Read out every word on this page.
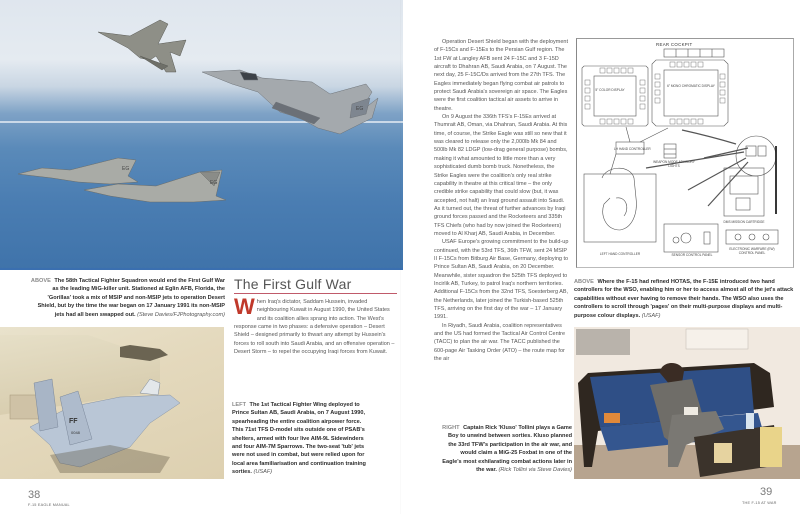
EG
EG
EG
ABOVE The 58th Tactical Fighter Squadron would end the First Gulf War as the leading MiG-killer unit. Stationed at Eglin AFB, Florida, the 'Gorillas' took a mix of MSIP and non-MSIP jets to operation Desert Shield, but by the time the war began on 17 January 1991 its non-MSIP jets had all been swapped out. (Steve Davies/FJPhotography.com)
FF
0048
The First Gulf War

W hen Iraq's dictator, Saddam Hussein, invaded neighbouring Kuwait in August 1990, the United States and its coalition allies sprang into action. The West's response came in two phases: a defensive operation – Desert Shield – designed primarily to thwart any attempt by Hussein's forces to roll south into Saudi Arabia, and an offensive operation – Desert Storm – to repel the occupying Iraqi forces from Kuwait.

LEFT The 1st Tactical Fighter Wing deployed to Prince Sultan AB, Saudi Arabia, on 7 August 1990, spearheading the entire coalition airpower force. This 71st TFS D-model sits outside one of PSAB's shelters, armed with four live AIM-9L Sidewinders and four AIM-7M Sparrows. The two-seat 'tub' jets were not used in combat, but were relied upon for local area familiarisation and continuation training sorties. (USAF)
38
F-15 EAGLE MANUAL

Operation Desert Shield began with the deployment of F-15Cs and F-15Es to the Persian Gulf region. The 1st FW at Langley AFB sent 24 F-15C and 3 F-15D aircraft to Dhahran AB, Saudi Arabia, on 7 August. The next day, 25 F-15C/Ds arrived from the 27th TFS. The Eagles immediately began flying combat air patrols to protect Saudi Arabia's sovereign air space. The Eagles were the first coalition tactical air assets to arrive in theatre.

On 9 August the 336th TFS's F-15Es arrived at Thumrait AB, Oman, via Dhahran, Saudi Arabia. At this time, of course, the Strike Eagle was still so new that it was cleared to release only the 2,000lb Mk 84 and 500lb Mk 82 LDGP (low-drag general purpose) bombs, making it what amounted to little more than a very sophisticated dumb bomb truck. Nonetheless, the Strike Eagles were the coalition's only real strike capability in theatre at this critical time – the only credible strike capability that could slow (but, it was accepted, not halt) an Iraqi ground assault into Saudi. As it turned out, the threat of further advances by Iraqi ground forces passed and the Rocketeers and 335th TFS Chiefs (who had by now joined the Rocketeers) moved to Al Kharj AB, Saudi Arabia, in December.

USAF Europe's growing commitment to the build-up continued, with the 53rd TFS, 36th TFW, sent 24 MSIP II F-15Cs from Bitburg Air Base, Germany, deploying to Prince Sultan AB, Saudi Arabia, on 20 December. Meanwhile, sister squadron the 525th TFS deployed to Incirlik AB, Turkey, to patrol Iraq's northern territories. Additional F-15Cs from the 32nd TFS, Soesterberg AB, the Netherlands, later joined the Turkish-based 525th TFS, arriving on the first day of the war – 17 January 1991.

In Riyadh, Saudi Arabia, coalition representatives and the US had formed the Tactical Air Control Centre (TACC) to plan the air war. The TACC published the 600-page Air Tasking Order (ATO) – the route map for the air

RIGHT Captain Rick 'Kluso' Tollini plays a Game Boy to unwind between sorties. Kluso planned the 33rd TFW's participation in the air war, and would claim a MiG-25 Foxbat in one of the Eagle's most exhilarating combat actions later in the war. (Rick Tollini via Steve Davies)
REAR COCKPIT
5" COLOR DISPLAY
6" MONO CHROMATIC DISPLAY
LH HAND CONTROLLER
WEAPON MODE ADVISORY LIGHTS
LEFT HAND CONTROLLER
DMS MISSION CARTRIDGE
SENSOR CONTROL PANEL
ELECTRONIC WARFARE (EW) CONTROL PANEL
ABOVE Where the F-15 had refined HOTAS, the F-15E introduced two hand controllers for the WSO, enabling him or her to access almost all of the jet's attack capabilities without ever having to remove their hands. The WSO also uses the controllers to scroll through 'pages' on their multi-purpose displays and multi-purpose colour displays. (USAF)
39
THE F-15 AT WAR
